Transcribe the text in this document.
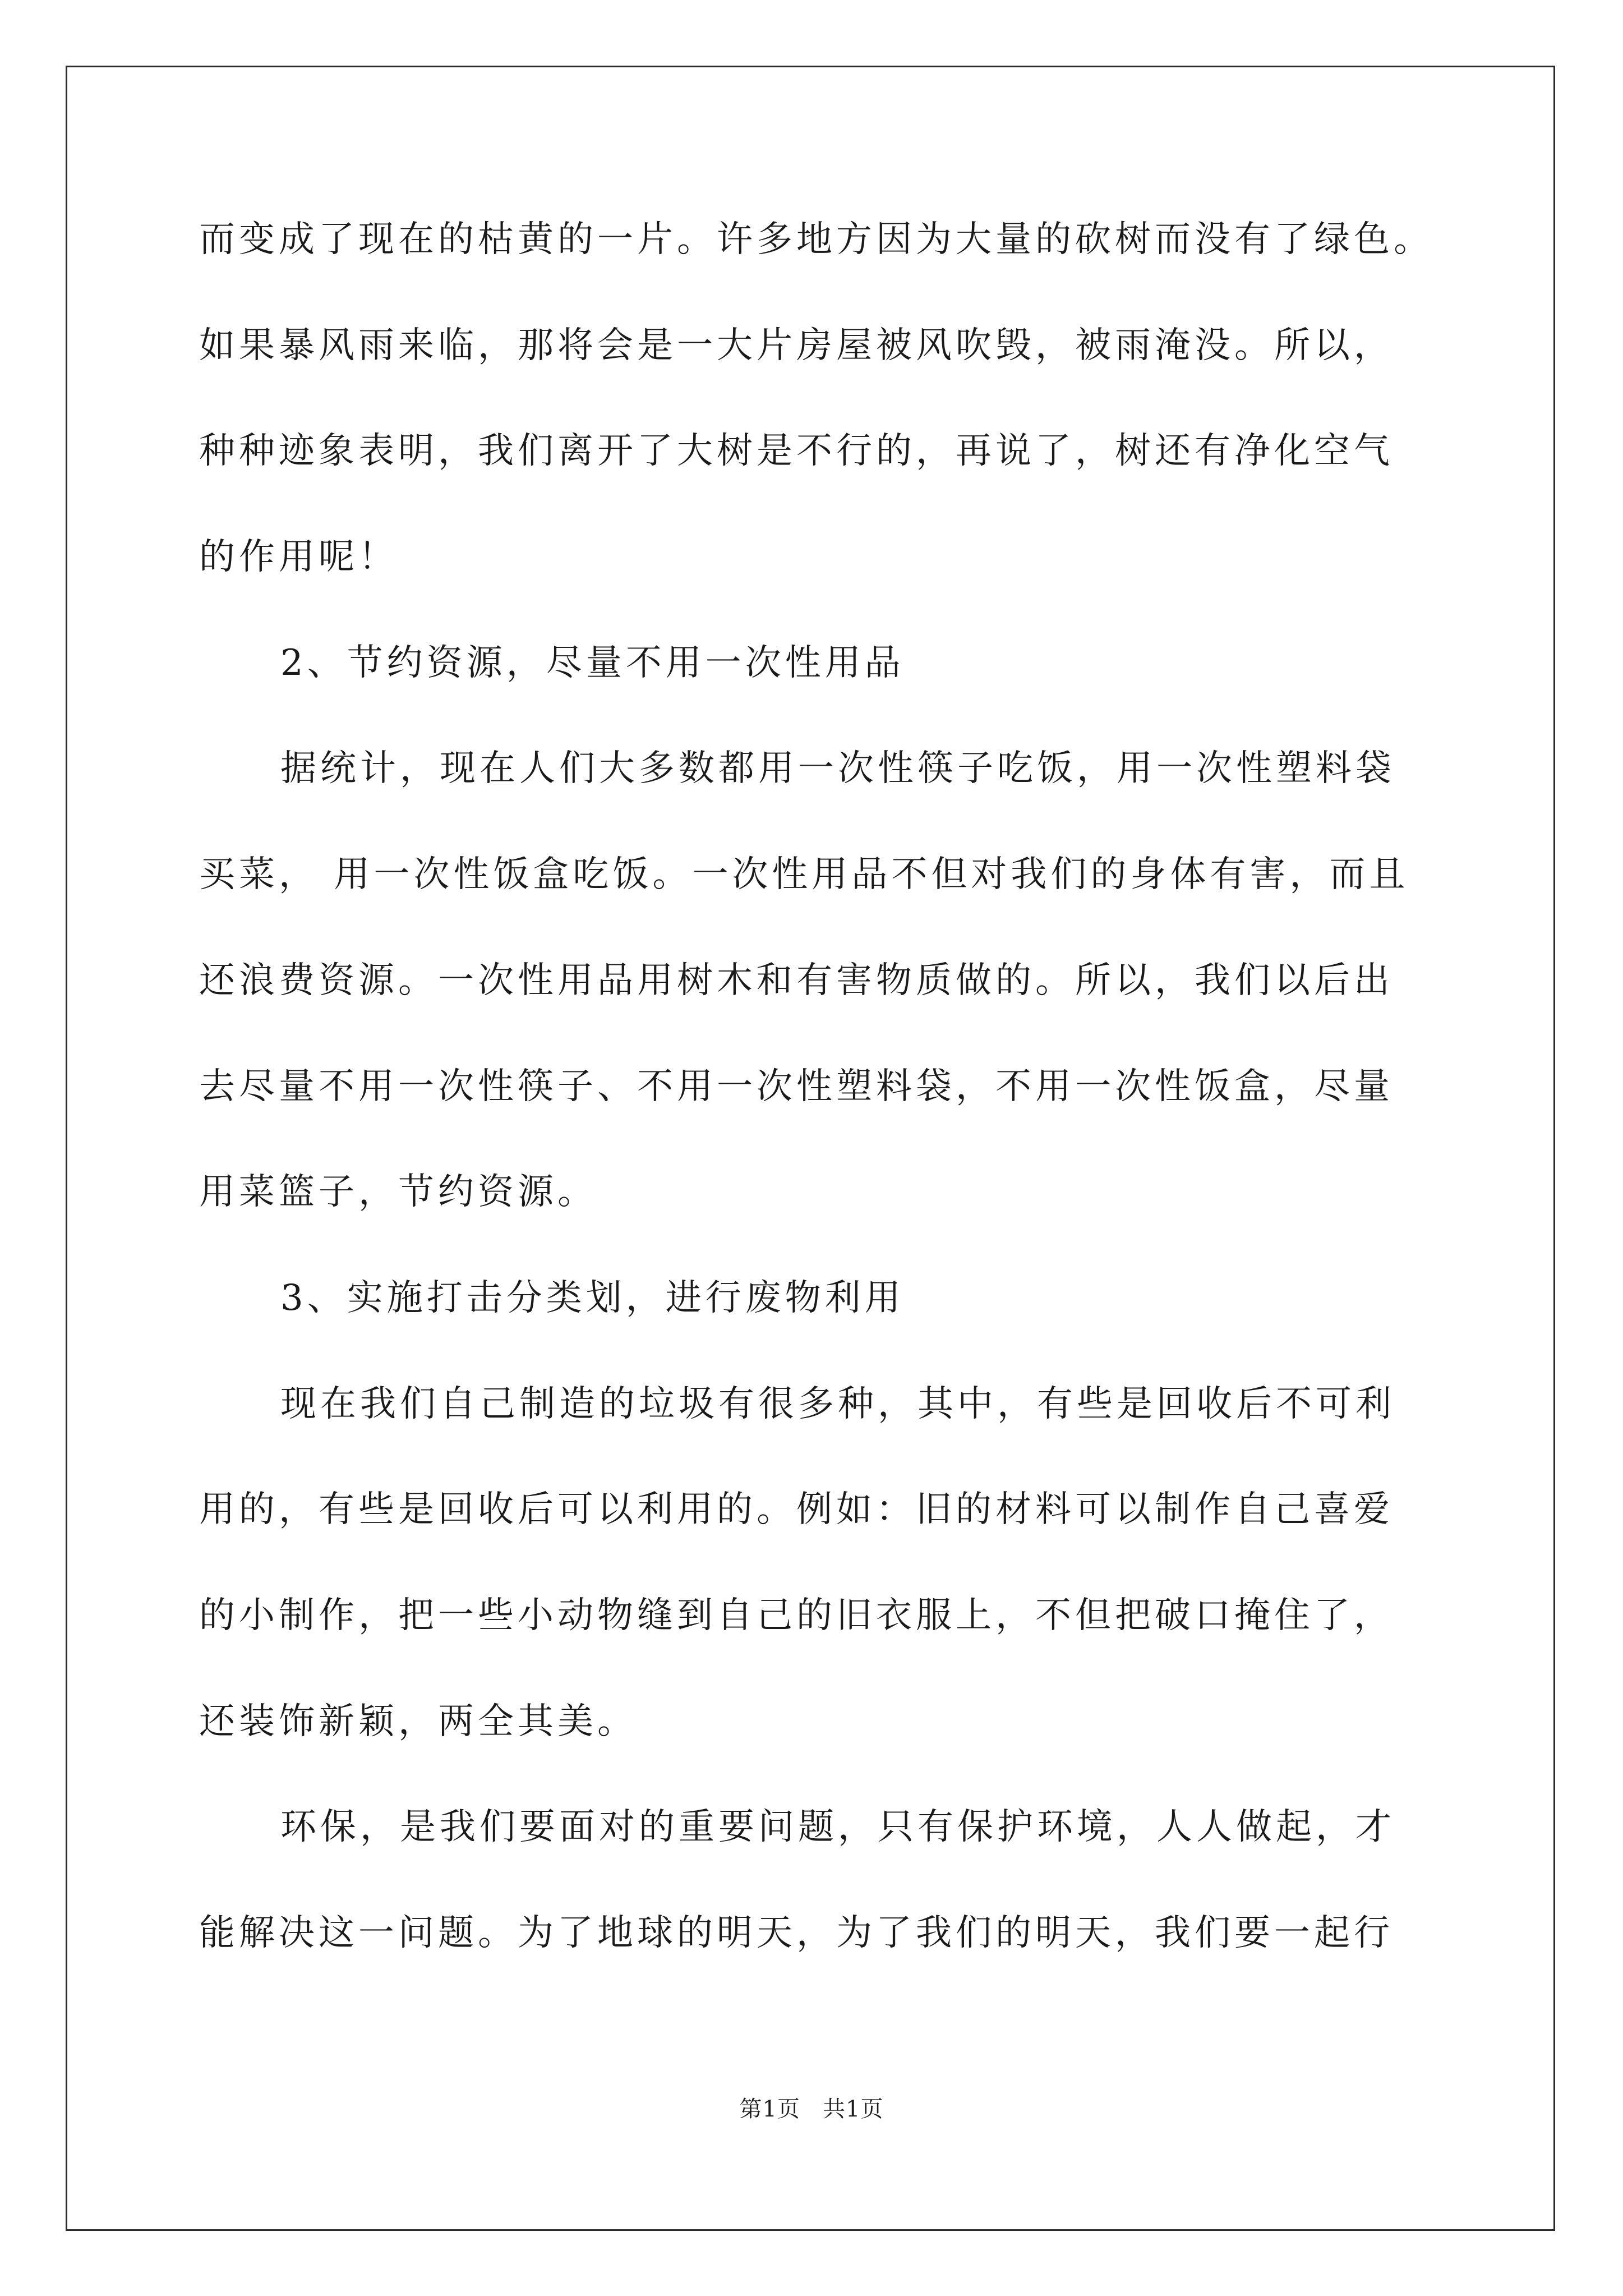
而变成了现在的枯黄的一片。许多地方因为大量的砍树而没有了绿色。
如果暴风雨来临，那将会是一大片房屋被风吹毁，被雨淹没。所以，
种种迹象表明，我们离开了大树是不行的，再说了，树还有净化空气
的作用呢！
2、节约资源，尽量不用一次性用品
据统计，现在人们大多数都用一次性筷子吃饭，用一次性塑料袋
买菜， 用一次性饭盒吃饭。一次性用品不但对我们的身体有害，而且
还浪费资源。一次性用品用树木和有害物质做的。所以，我们以后出
去尽量不用一次性筷子、不用一次性塑料袋，不用一次性饭盒，尽量
用菜篮子，节约资源。
3、实施打击分类划，进行废物利用
现在我们自己制造的垃圾有很多种，其中，有些是回收后不可利
用的，有些是回收后可以利用的。例如：旧的材料可以制作自己喜爱
的小制作，把一些小动物缝到自己的旧衣服上，不但把破口掩住了，
还装饰新颖，两全其美。
环保，是我们要面对的重要问题，只有保护环境，人人做起，才
能解决这一问题。为了地球的明天，为了我们的明天，我们要一起行
第1页 共1页
